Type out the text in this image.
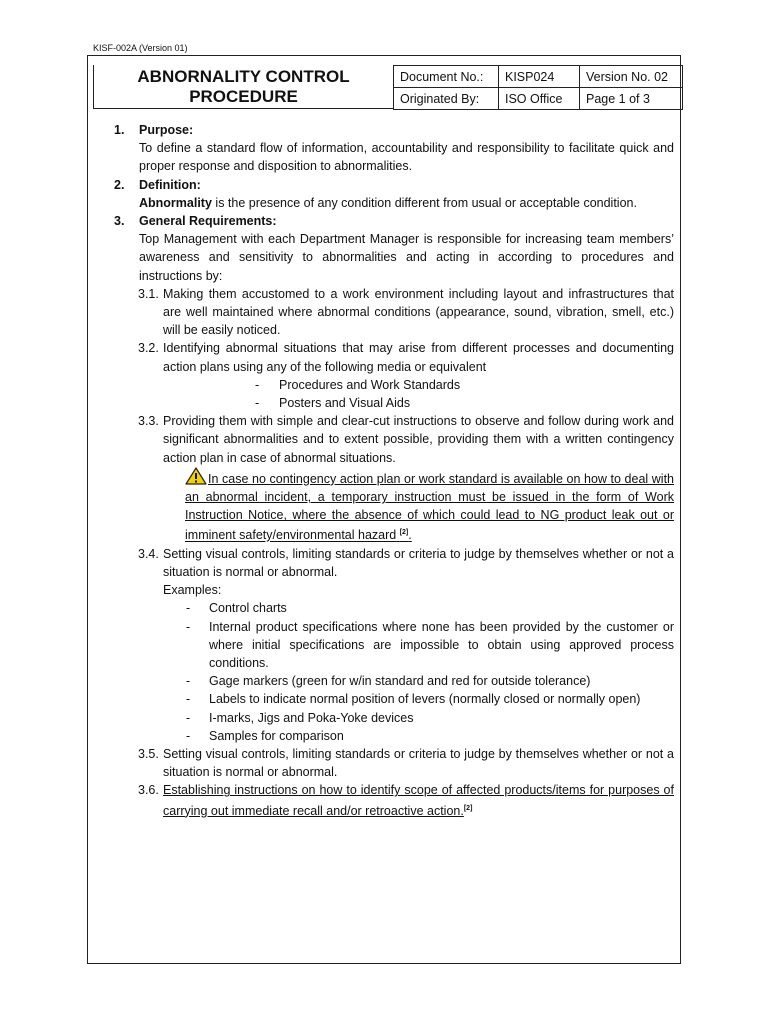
KISF-002A (Version 01)
ABNORNALITY CONTROL
PROCEDURE
Document No.:	KISP024	Version No. 02
Originated By:	ISO Office	Page 1 of 3
1. Purpose:
To define a standard flow of information, accountability and responsibility to facilitate quick and proper response and disposition to abnormalities.
2. Definition:
Abnormality is the presence of any condition different from usual or acceptable condition.
3. General Requirements:
Top Management with each Department Manager is responsible for increasing team members’ awareness and sensitivity to abnormalities and acting in according to procedures and instructions by:
3.1. Making them accustomed to a work environment including layout and infrastructures that are well maintained where abnormal conditions (appearance, sound, vibration, smell, etc.) will be easily noticed.
3.2. Identifying abnormal situations that may arise from different processes and documenting action plans using any of the following media or equivalent
- Procedures and Work Standards
- Posters and Visual Aids
3.3. Providing them with simple and clear-cut instructions to observe and follow during work and significant abnormalities and to extent possible, providing them with a written contingency action plan in case of abnormal situations.
In case no contingency action plan or work standard is available on how to deal with an abnormal incident, a temporary instruction must be issued in the form of Work Instruction Notice, where the absence of which could lead to NG product leak out or imminent safety/environmental hazard [2].
3.4. Setting visual controls, limiting standards or criteria to judge by themselves whether or not a situation is normal or abnormal.
Examples:
- Control charts
- Internal product specifications where none has been provided by the customer or where initial specifications are impossible to obtain using approved process conditions.
- Gage markers (green for w/in standard and red for outside tolerance)
- Labels to indicate normal position of levers (normally closed or normally open)
- I-marks, Jigs and Poka-Yoke devices
- Samples for comparison
3.5. Setting visual controls, limiting standards or criteria to judge by themselves whether or not a situation is normal or abnormal.
3.6. Establishing instructions on how to identify scope of affected products/items for purposes of carrying out immediate recall and/or retroactive action.[2]
